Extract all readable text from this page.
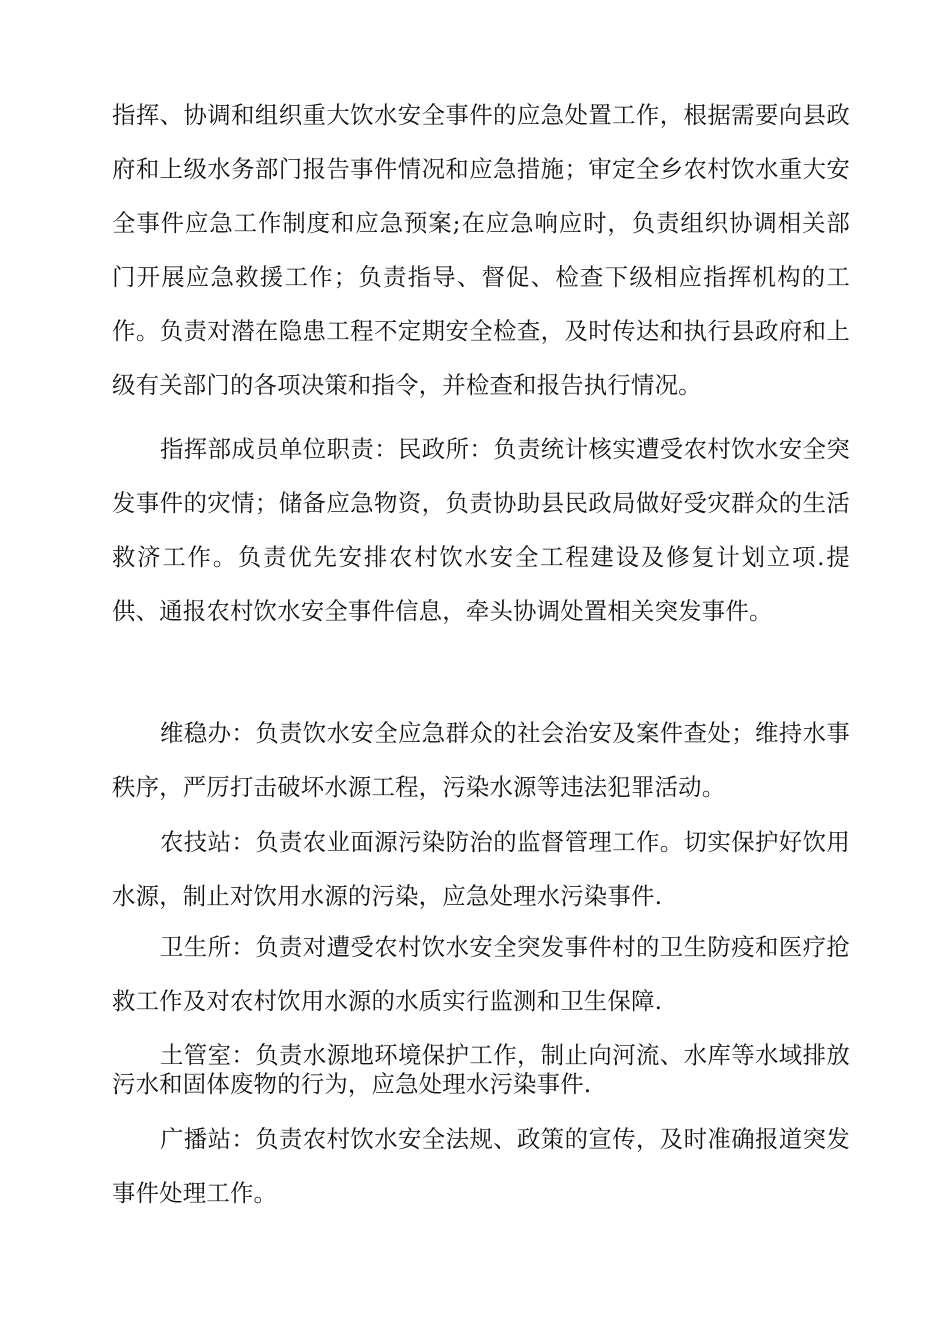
指挥、协调和组织重大饮水安全事件的应急处置工作，根据需要向县政府和上级水务部门报告事件情况和应急措施；审定全乡农村饮水重大安全事件应急工作制度和应急预案;在应急响应时，负责组织协调相关部门开展应急救援工作；负责指导、督促、检查下级相应指挥机构的工作。负责对潜在隐患工程不定期安全检查，及时传达和执行县政府和上级有关部门的各项决策和指令，并检查和报告执行情况。

指挥部成员单位职责：民政所：负责统计核实遭受农村饮水安全突发事件的灾情；储备应急物资，负责协助县民政局做好受灾群众的生活救济工作。负责优先安排农村饮水安全工程建设及修复计划立项.提供、通报农村饮水安全事件信息，牵头协调处置相关突发事件。

维稳办：负责饮水安全应急群众的社会治安及案件查处；维持水事秩序，严厉打击破坏水源工程，污染水源等违法犯罪活动。

农技站：负责农业面源污染防治的监督管理工作。切实保护好饮用水源，制止对饮用水源的污染，应急处理水污染事件.

卫生所：负责对遭受农村饮水安全突发事件村的卫生防疫和医疗抢救工作及对农村饮用水源的水质实行监测和卫生保障.

土管室：负责水源地环境保护工作，制止向河流、水库等水域排放污水和固体废物的行为，应急处理水污染事件.

广播站：负责农村饮水安全法规、政策的宣传，及时准确报道突发事件处理工作。
